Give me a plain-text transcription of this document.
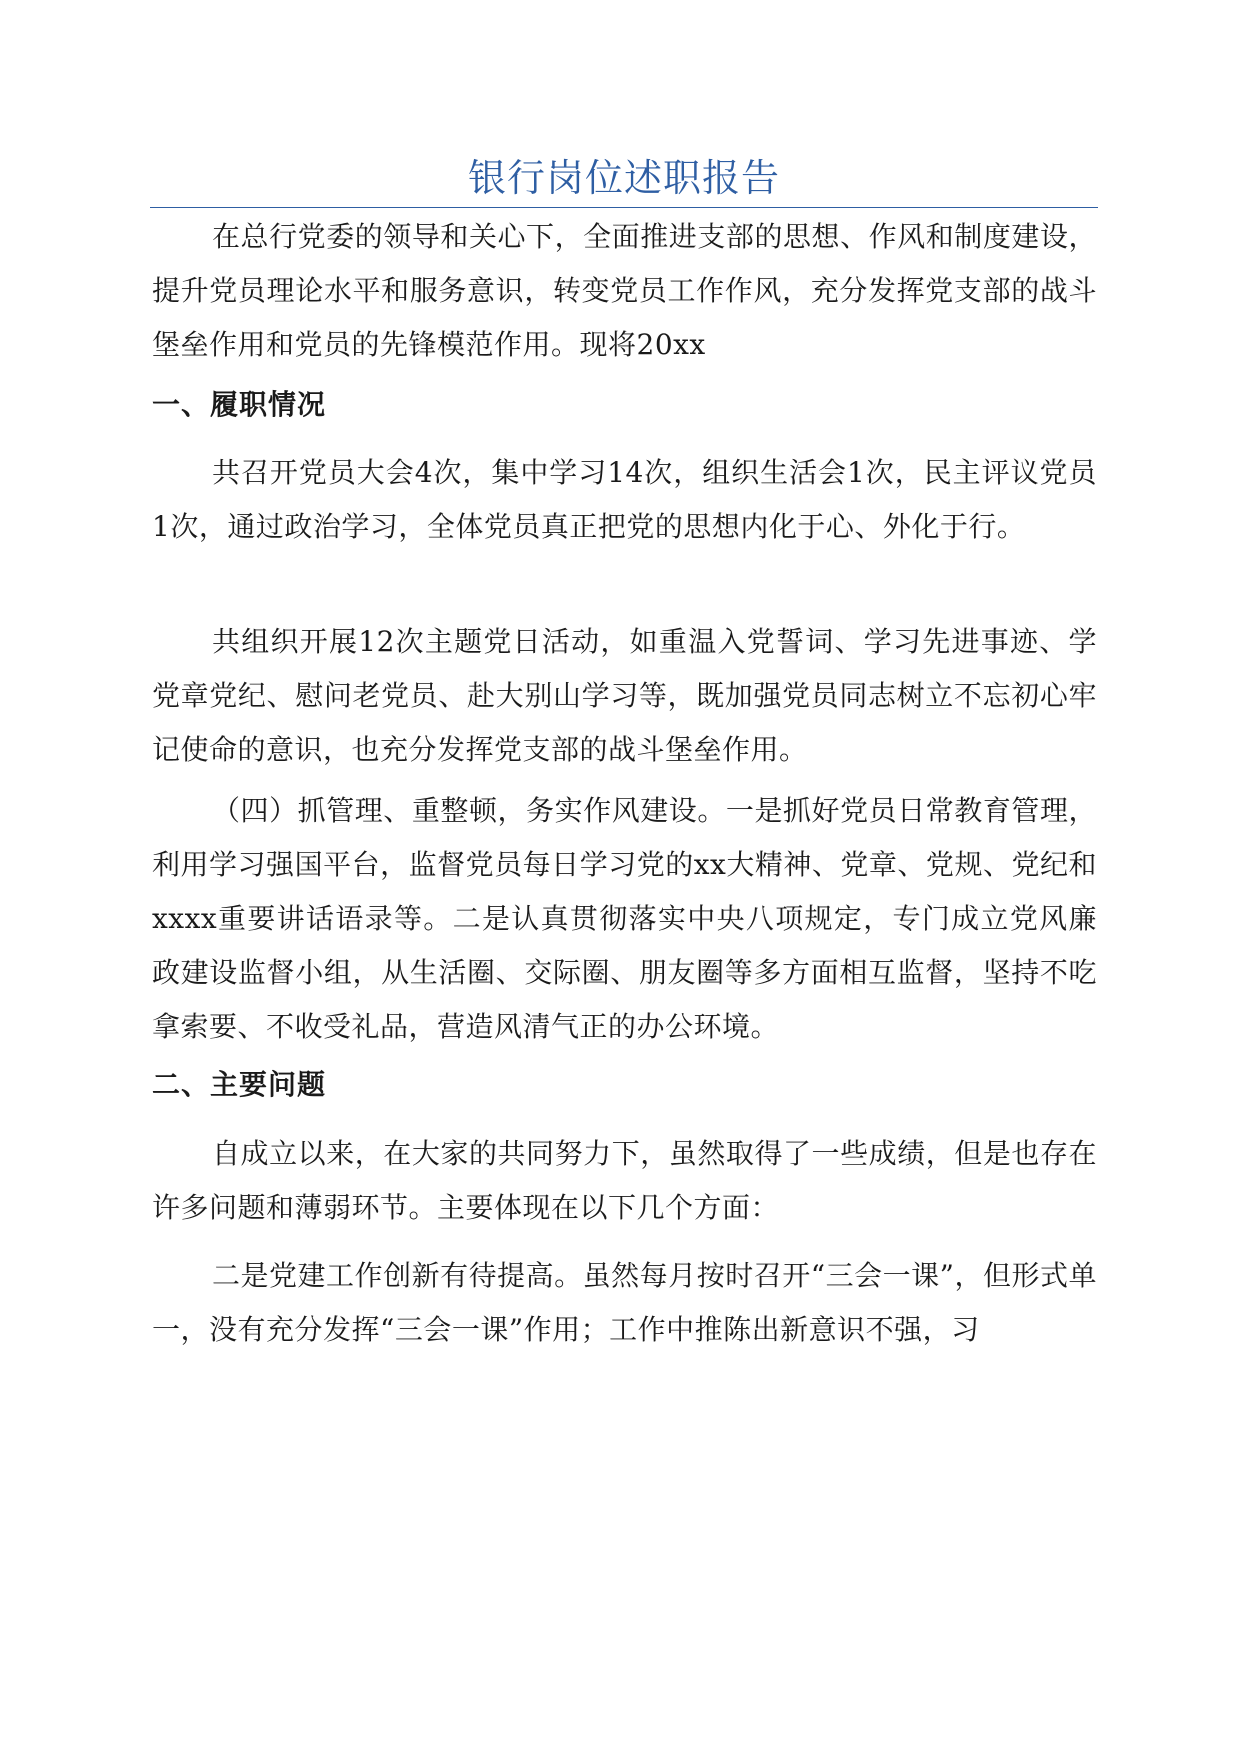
银行岗位述职报告

在总行党委的领导和关心下，全面推进支部的思想、作风和制度建设，提升党员理论水平和服务意识，转变党员工作作风，充分发挥党支部的战斗堡垒作用和党员的先锋模范作用。现将20xx

一、履职情况

共召开党员大会4次，集中学习14次，组织生活会1次，民主评议党员1次，通过政治学习，全体党员真正把党的思想内化于心、外化于行。

共组织开展12次主题党日活动，如重温入党誓词、学习先进事迹、学党章党纪、慰问老党员、赴大别山学习等，既加强党员同志树立不忘初心牢记使命的意识，也充分发挥党支部的战斗堡垒作用。

（四）抓管理、重整顿，务实作风建设。一是抓好党员日常教育管理，利用学习强国平台，监督党员每日学习党的xx大精神、党章、党规、党纪和xxxx重要讲话语录等。二是认真贯彻落实中央八项规定，专门成立党风廉政建设监督小组，从生活圈、交际圈、朋友圈等多方面相互监督，坚持不吃拿索要、不收受礼品，营造风清气正的办公环境。

二、主要问题

自成立以来，在大家的共同努力下，虽然取得了一些成绩，但是也存在许多问题和薄弱环节。主要体现在以下几个方面：

二是党建工作创新有待提高。虽然每月按时召开“三会一课”，但形式单一，没有充分发挥“三会一课”作用；工作中推陈出新意识不强，习
